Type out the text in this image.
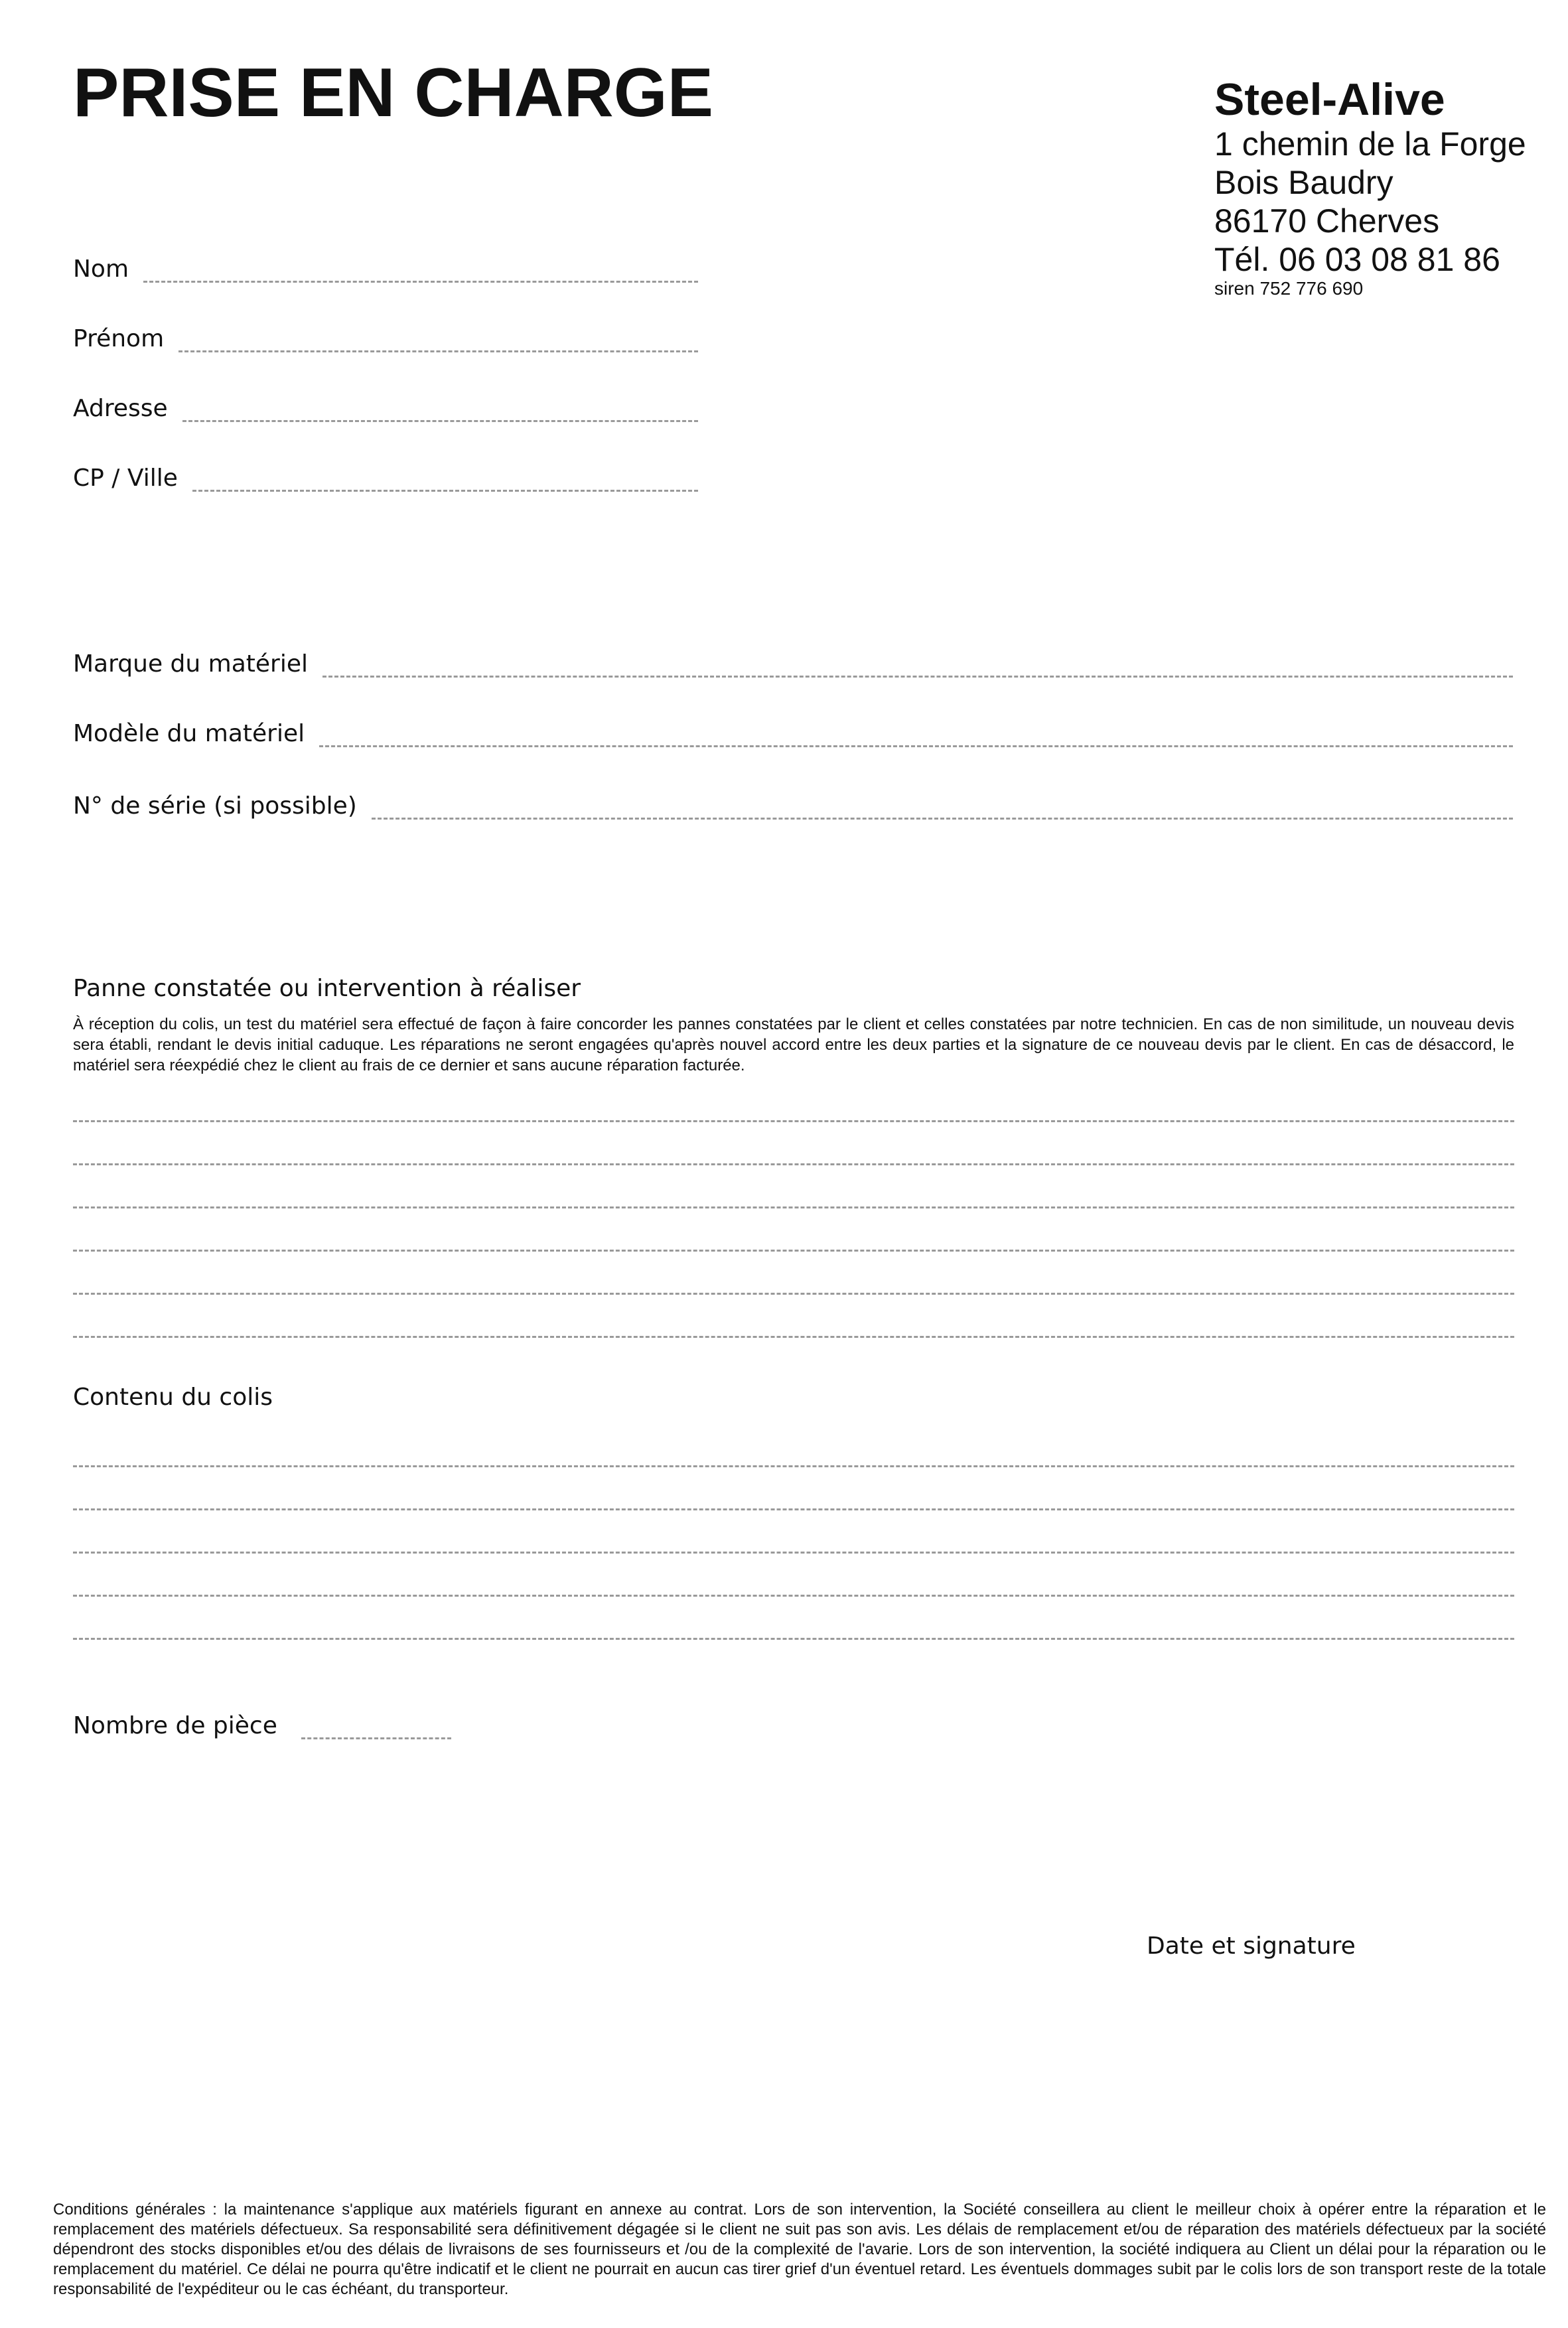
PRISE EN CHARGE	Steel-Alive
1 chemin de la Forge
Bois Baudry
86170 Cherves
Tél. 06 03 08 81 86
siren 752 776 690
Nom
Prénom
Adresse
CP / Ville
Marque du matériel
Modèle du matériel
N° de série (si possible)
Panne constatée ou intervention à réaliser
À réception du colis, un test du matériel sera effectué de façon à faire concorder les pannes constatées par le client et celles constatées par notre technicien. En cas de non similitude, un nouveau devis sera établi, rendant le devis initial caduque. Les réparations ne seront engagées qu'après nouvel accord entre les deux parties et la signature de ce nouveau devis par le client. En cas de désaccord, le matériel sera réexpédié chez le client au frais de ce dernier et sans aucune réparation facturée.
Contenu du colis
Nombre de pièce
Date et signature
Conditions générales : la maintenance s'applique aux matériels figurant en annexe au contrat. Lors de son intervention, la Société conseillera au client le meilleur choix à opérer entre la réparation et le remplacement des matériels défectueux. Sa responsabilité sera définitivement dégagée si le client ne suit pas son avis. Les délais de remplacement et/ou de réparation des matériels défectueux par la société dépendront des stocks disponibles et/ou des délais de livraisons de ses fournisseurs et /ou de la complexité de l'avarie. Lors de son intervention, la société indiquera au Client un délai pour la réparation ou le remplacement du matériel. Ce délai ne pourra qu'être indicatif et le client ne pourrait en aucun cas tirer grief d'un éventuel retard. Les éventuels dommages subit par le colis lors de son transport reste de la totale responsabilité de l'expéditeur ou le cas échéant, du transporteur.
